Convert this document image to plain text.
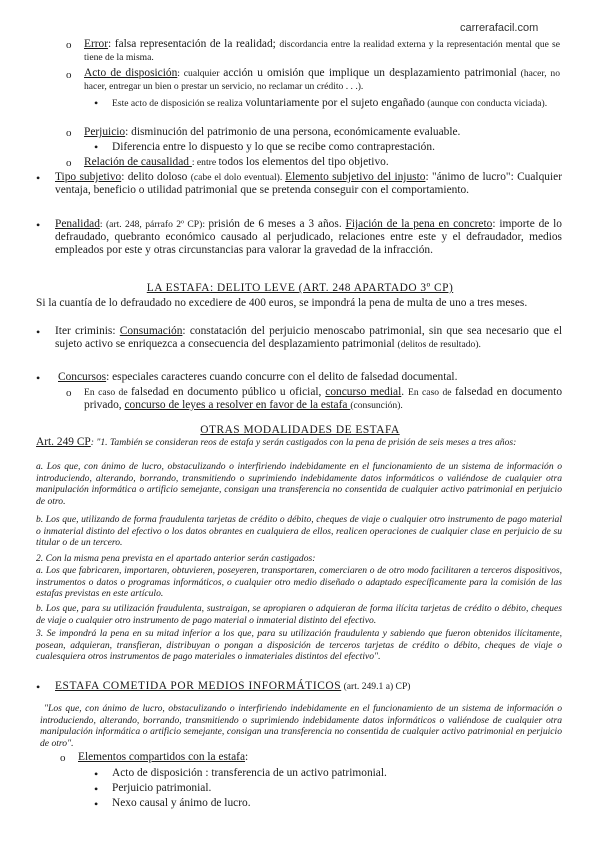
carrerafacil.com
o Error: falsa representación de la realidad; discordancia entre la realidad externa y la representación mental que se tiene de la misma.
o Acto de disposición: cualquier acción u omisión que implique un desplazamiento patrimonial (hacer, no hacer, entregar un bien o prestar un servicio, no reclamar un crédito . . .).
• Este acto de disposición se realiza voluntariamente por el sujeto engañado (aunque con conducta viciada).
o Perjuicio: disminución del patrimonio de una persona, económicamente evaluable.
• Diferencia entre lo dispuesto y lo que se recibe como contraprestación.
o Relación de causalidad : entre todos los elementos del tipo objetivo.
• Tipo subjetivo: delito doloso (cabe el dolo eventual). Elemento subjetivo del injusto: "ánimo de lucro": Cualquier ventaja, beneficio o utilidad patrimonial que se pretenda conseguir con el comportamiento.
• Penalidad: (art. 248, párrafo 2º CP): prisión de 6 meses a 3 años. Fijación de la pena en concreto: importe de lo defraudado, quebranto económico causado al perjudicado, relaciones entre este y el defraudador, medios empleados por este y otras circunstancias para valorar la gravedad de la infracción.
LA ESTAFA: DELITO LEVE (ART. 248 APARTADO 3º CP)
Si la cuantía de lo defraudado no excediere de 400 euros, se impondrá la pena de multa de uno a tres meses.
• Iter criminis: Consumación: constatación del perjuicio menoscabo patrimonial, sin que sea necesario que el sujeto activo se enriquezca a consecuencia del desplazamiento patrimonial (delitos de resultado).
• Concursos: especiales caracteres cuando concurre con el delito de falsedad documental.
o En caso de falsedad en documento público u oficial, concurso medial. En caso de falsedad en documento privado, concurso de leyes a resolver en favor de la estafa (consunción).
OTRAS MODALIDADES DE ESTAFA
Art. 249 CP: "1. También se consideran reos de estafa y serán castigados con la pena de prisión de seis meses a tres años:
a. Los que, con ánimo de lucro, obstaculizando o interfiriendo indebidamente en el funcionamiento de un sistema de información o introduciendo, alterando, borrando, transmitiendo o suprimiendo indebidamente datos informáticos o valiéndose de cualquier otra manipulación informática o artificio semejante, consigan una transferencia no consentida de cualquier activo patrimonial en perjuicio de otro.
b. Los que, utilizando de forma fraudulenta tarjetas de crédito o débito, cheques de viaje o cualquier otro instrumento de pago material o inmaterial distinto del efectivo o los datos obrantes en cualquiera de ellos, realicen operaciones de cualquier clase en perjuicio de su titular o de un tercero.
2. Con la misma pena prevista en el apartado anterior serán castigados:
a. Los que fabricaren, importaren, obtuvieren, poseyeren, transportaren, comerciaren o de otro modo facilitaren a terceros dispositivos, instrumentos o datos o programas informáticos, o cualquier otro medio diseñado o adaptado específicamente para la comisión de las estafas previstas en este artículo.
b. Los que, para su utilización fraudulenta, sustraigan, se apropiaren o adquieran de forma ilícita tarjetas de crédito o débito, cheques de viaje o cualquier otro instrumento de pago material o inmaterial distinto del efectivo.
3. Se impondrá la pena en su mitad inferior a los que, para su utilización fraudulenta y sabiendo que fueron obtenidos ilícitamente, posean, adquieran, transfieran, distribuyan o pongan a disposición de terceros tarjetas de crédito o débito, cheques de viaje o cualesquiera otros instrumentos de pago materiales o inmateriales distintos del efectivo".
• ESTAFA COMETIDA POR MEDIOS INFORMÁTICOS (art. 249.1 a) CP)
"Los que, con ánimo de lucro, obstaculizando o interfiriendo indebidamente en el funcionamiento de un sistema de información o introduciendo, alterando, borrando, transmitiendo o suprimiendo indebidamente datos informáticos o valiéndose de cualquier otra manipulación informática o artificio semejante, consigan una transferencia no consentida de cualquier activo patrimonial en perjuicio de otro".
o Elementos compartidos con la estafa:
• Acto de disposición : transferencia de un activo patrimonial.
• Perjuicio patrimonial.
• Nexo causal y ánimo de lucro.
